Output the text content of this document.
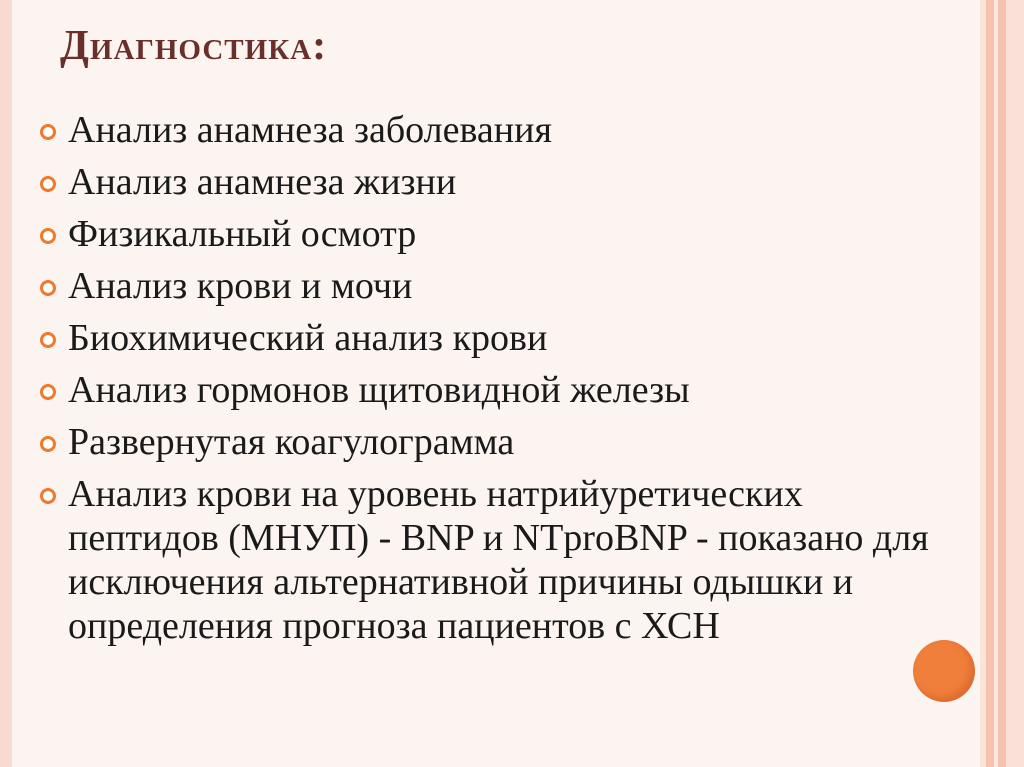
Диагностика:
Анализ анамнеза заболевания
Анализ анамнеза жизни
Физикальный осмотр
Анализ крови и мочи
Биохимический анализ крови
Анализ гормонов щитовидной железы
Развернутая коагулограмма
Анализ крови на уровень натрийуретических пептидов (МНУП) - BNP и NTproBNP - показано для исключения альтернативной причины одышки и определения прогноза пациентов с ХСН
